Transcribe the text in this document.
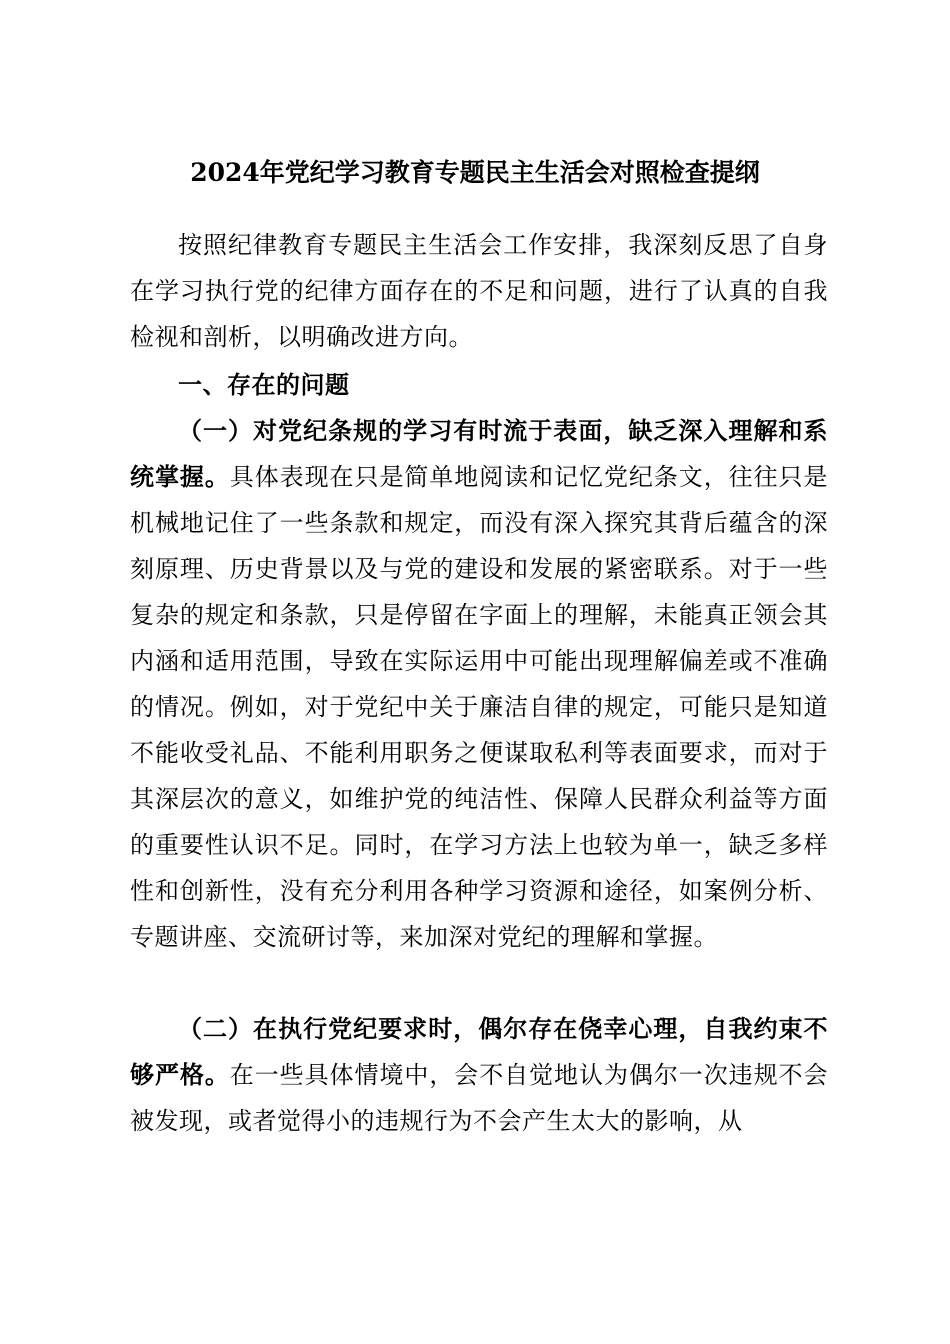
2024年党纪学习教育专题民主生活会对照检查提纲
按照纪律教育专题民主生活会工作安排，我深刻反思了自身在学习执行党的纪律方面存在的不足和问题，进行了认真的自我检视和剖析，以明确改进方向。
一、存在的问题
（一）对党纪条规的学习有时流于表面，缺乏深入理解和系统掌握。具体表现在只是简单地阅读和记忆党纪条文，往往只是机械地记住了一些条款和规定，而没有深入探究其背后蕴含的深刻原理、历史背景以及与党的建设和发展的紧密联系。对于一些复杂的规定和条款，只是停留在字面上的理解，未能真正领会其内涵和适用范围，导致在实际运用中可能出现理解偏差或不准确的情况。例如，对于党纪中关于廉洁自律的规定，可能只是知道不能收受礼品、不能利用职务之便谋取私利等表面要求，而对于其深层次的意义，如维护党的纯洁性、保障人民群众利益等方面的重要性认识不足。同时，在学习方法上也较为单一，缺乏多样性和创新性，没有充分利用各种学习资源和途径，如案例分析、专题讲座、交流研讨等，来加深对党纪的理解和掌握。
（二）在执行党纪要求时，偶尔存在侥幸心理，自我约束不够严格。在一些具体情境中，会不自觉地认为偶尔一次违规不会被发现，或者觉得小的违规行为不会产生太大的影响，从
